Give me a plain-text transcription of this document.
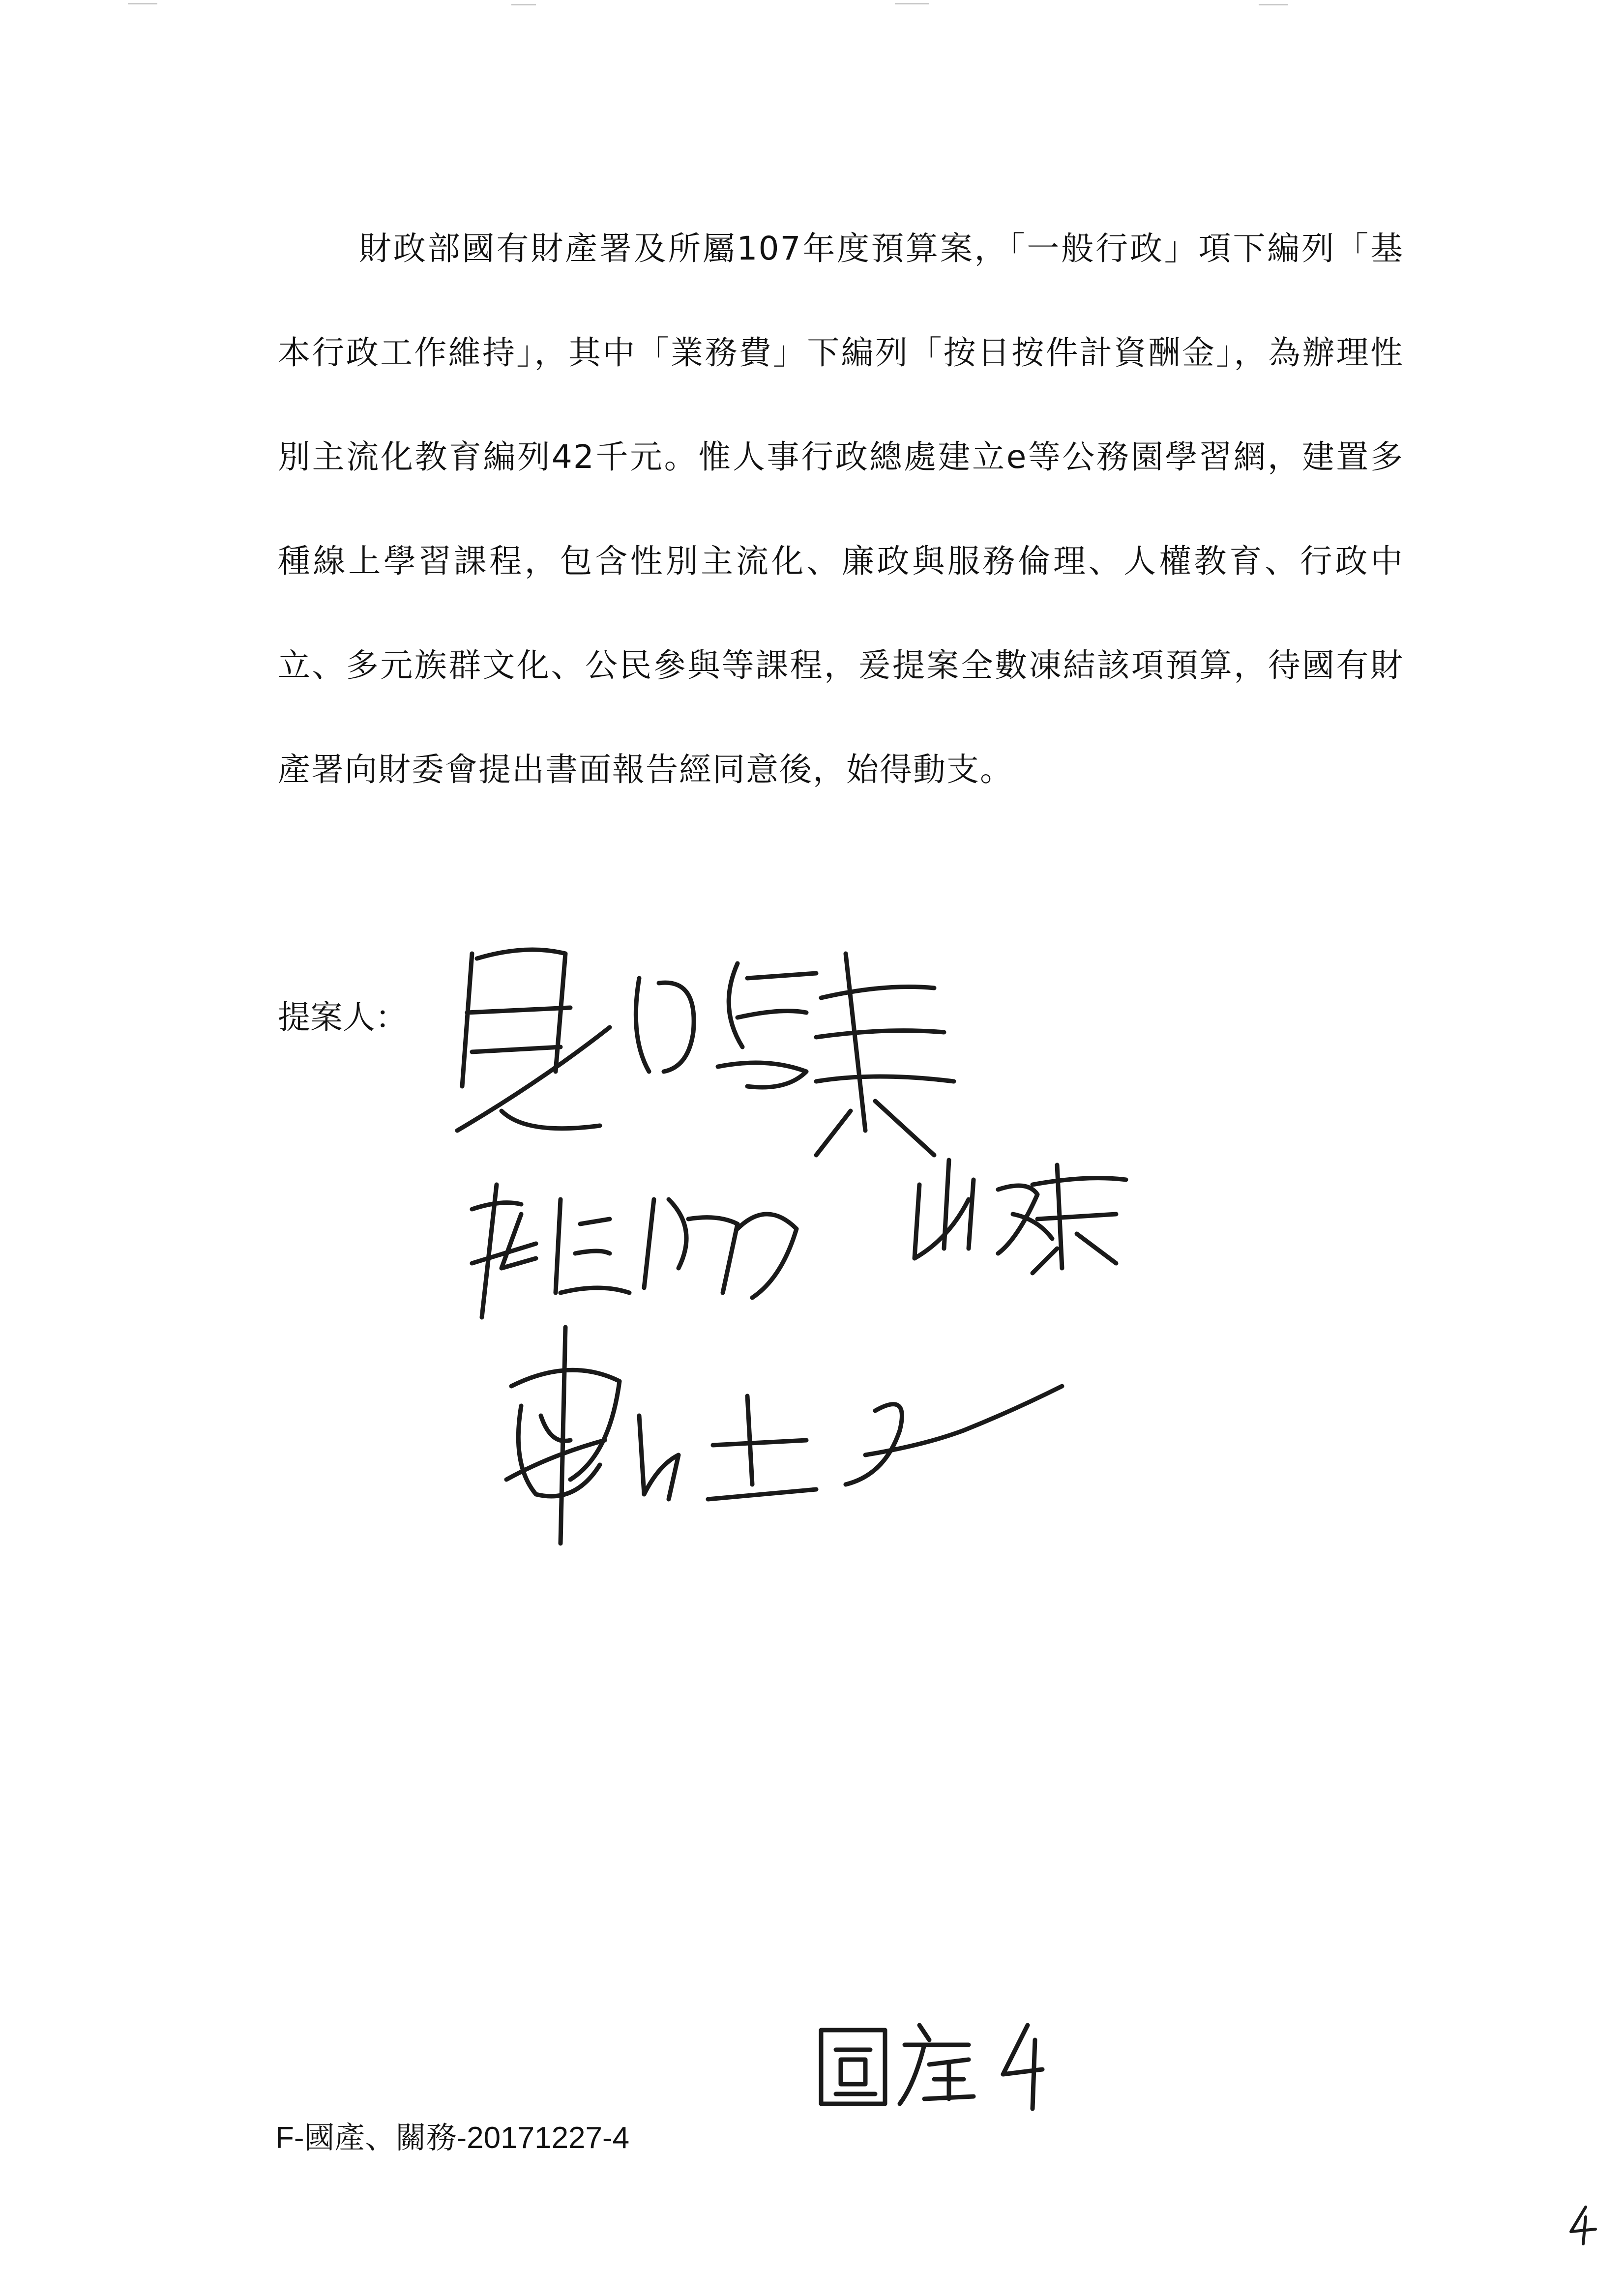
財政部國有財產署及所屬107年度預算案，「一般行政」項下編列「基本行政工作維持」，其中「業務費」下編列「按日按件計資酬金」，為辦理性別主流化教育編列42千元。惟人事行政總處建立e等公務園學習網，建置多種線上學習課程，包含性別主流化、廉政與服務倫理、人權教育、行政中立、多元族群文化、公民參與等課程，爰提案全數凍結該項預算，待國有財產署向財委會提出書面報告經同意後，始得動支。
提案人：
F-國產、關務-20171227-4
